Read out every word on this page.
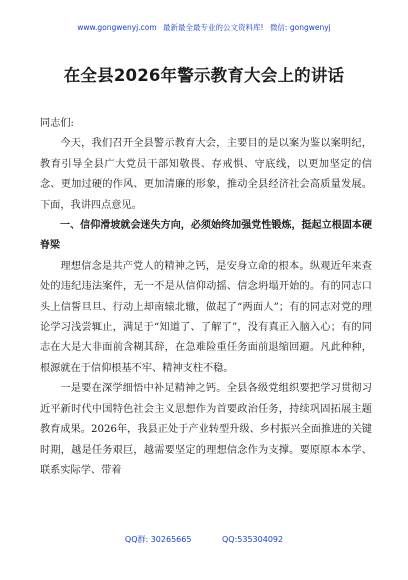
www.gongwenyj.com 最新最全最专业的公文资料库! 微信: gongwenyj
在全县2026年警示教育大会上的讲话

同志们:

今天，我们召开全县警示教育大会，主要目的是以案为鉴以案明纪，教育引导全县广大党员干部知敬畏、存戒惧、守底线，以更加坚定的信念、更加过硬的作风、更加清廉的形象，推动全县经济社会高质量发展。下面，我讲四点意见。

一、信仰滑坡就会迷失方向，必须始终加强党性锻炼，挺起立根固本硬脊梁

理想信念是共产党人的精神之钙，是安身立命的根本。纵观近年来查处的违纪违法案件，无一不是从信仰动摇、信念坍塌开始的。有的同志口头上信誓旦旦、行动上却南辕北辙，做起了“两面人”；有的同志对党的理论学习浅尝辄止，满足于“知道了、了解了”，没有真正入脑入心；有的同志在大是大非面前含糊其辞，在急难险重任务面前退缩回避。凡此种种，根源就在于信仰根基不牢、精神支柱不稳。

一是要在深学细悟中补足精神之钙。全县各级党组织要把学习贯彻习近平新时代中国特色社会主义思想作为首要政治任务，持续巩固拓展主题教育成果。2026年，我县正处于产业转型升级、乡村振兴全面推进的关键时期，越是任务艰巨，越需要坚定的理想信念作为支撑。要原原本本学、联系实际学、带着

QQ群: 30265665	QQ:535304092
